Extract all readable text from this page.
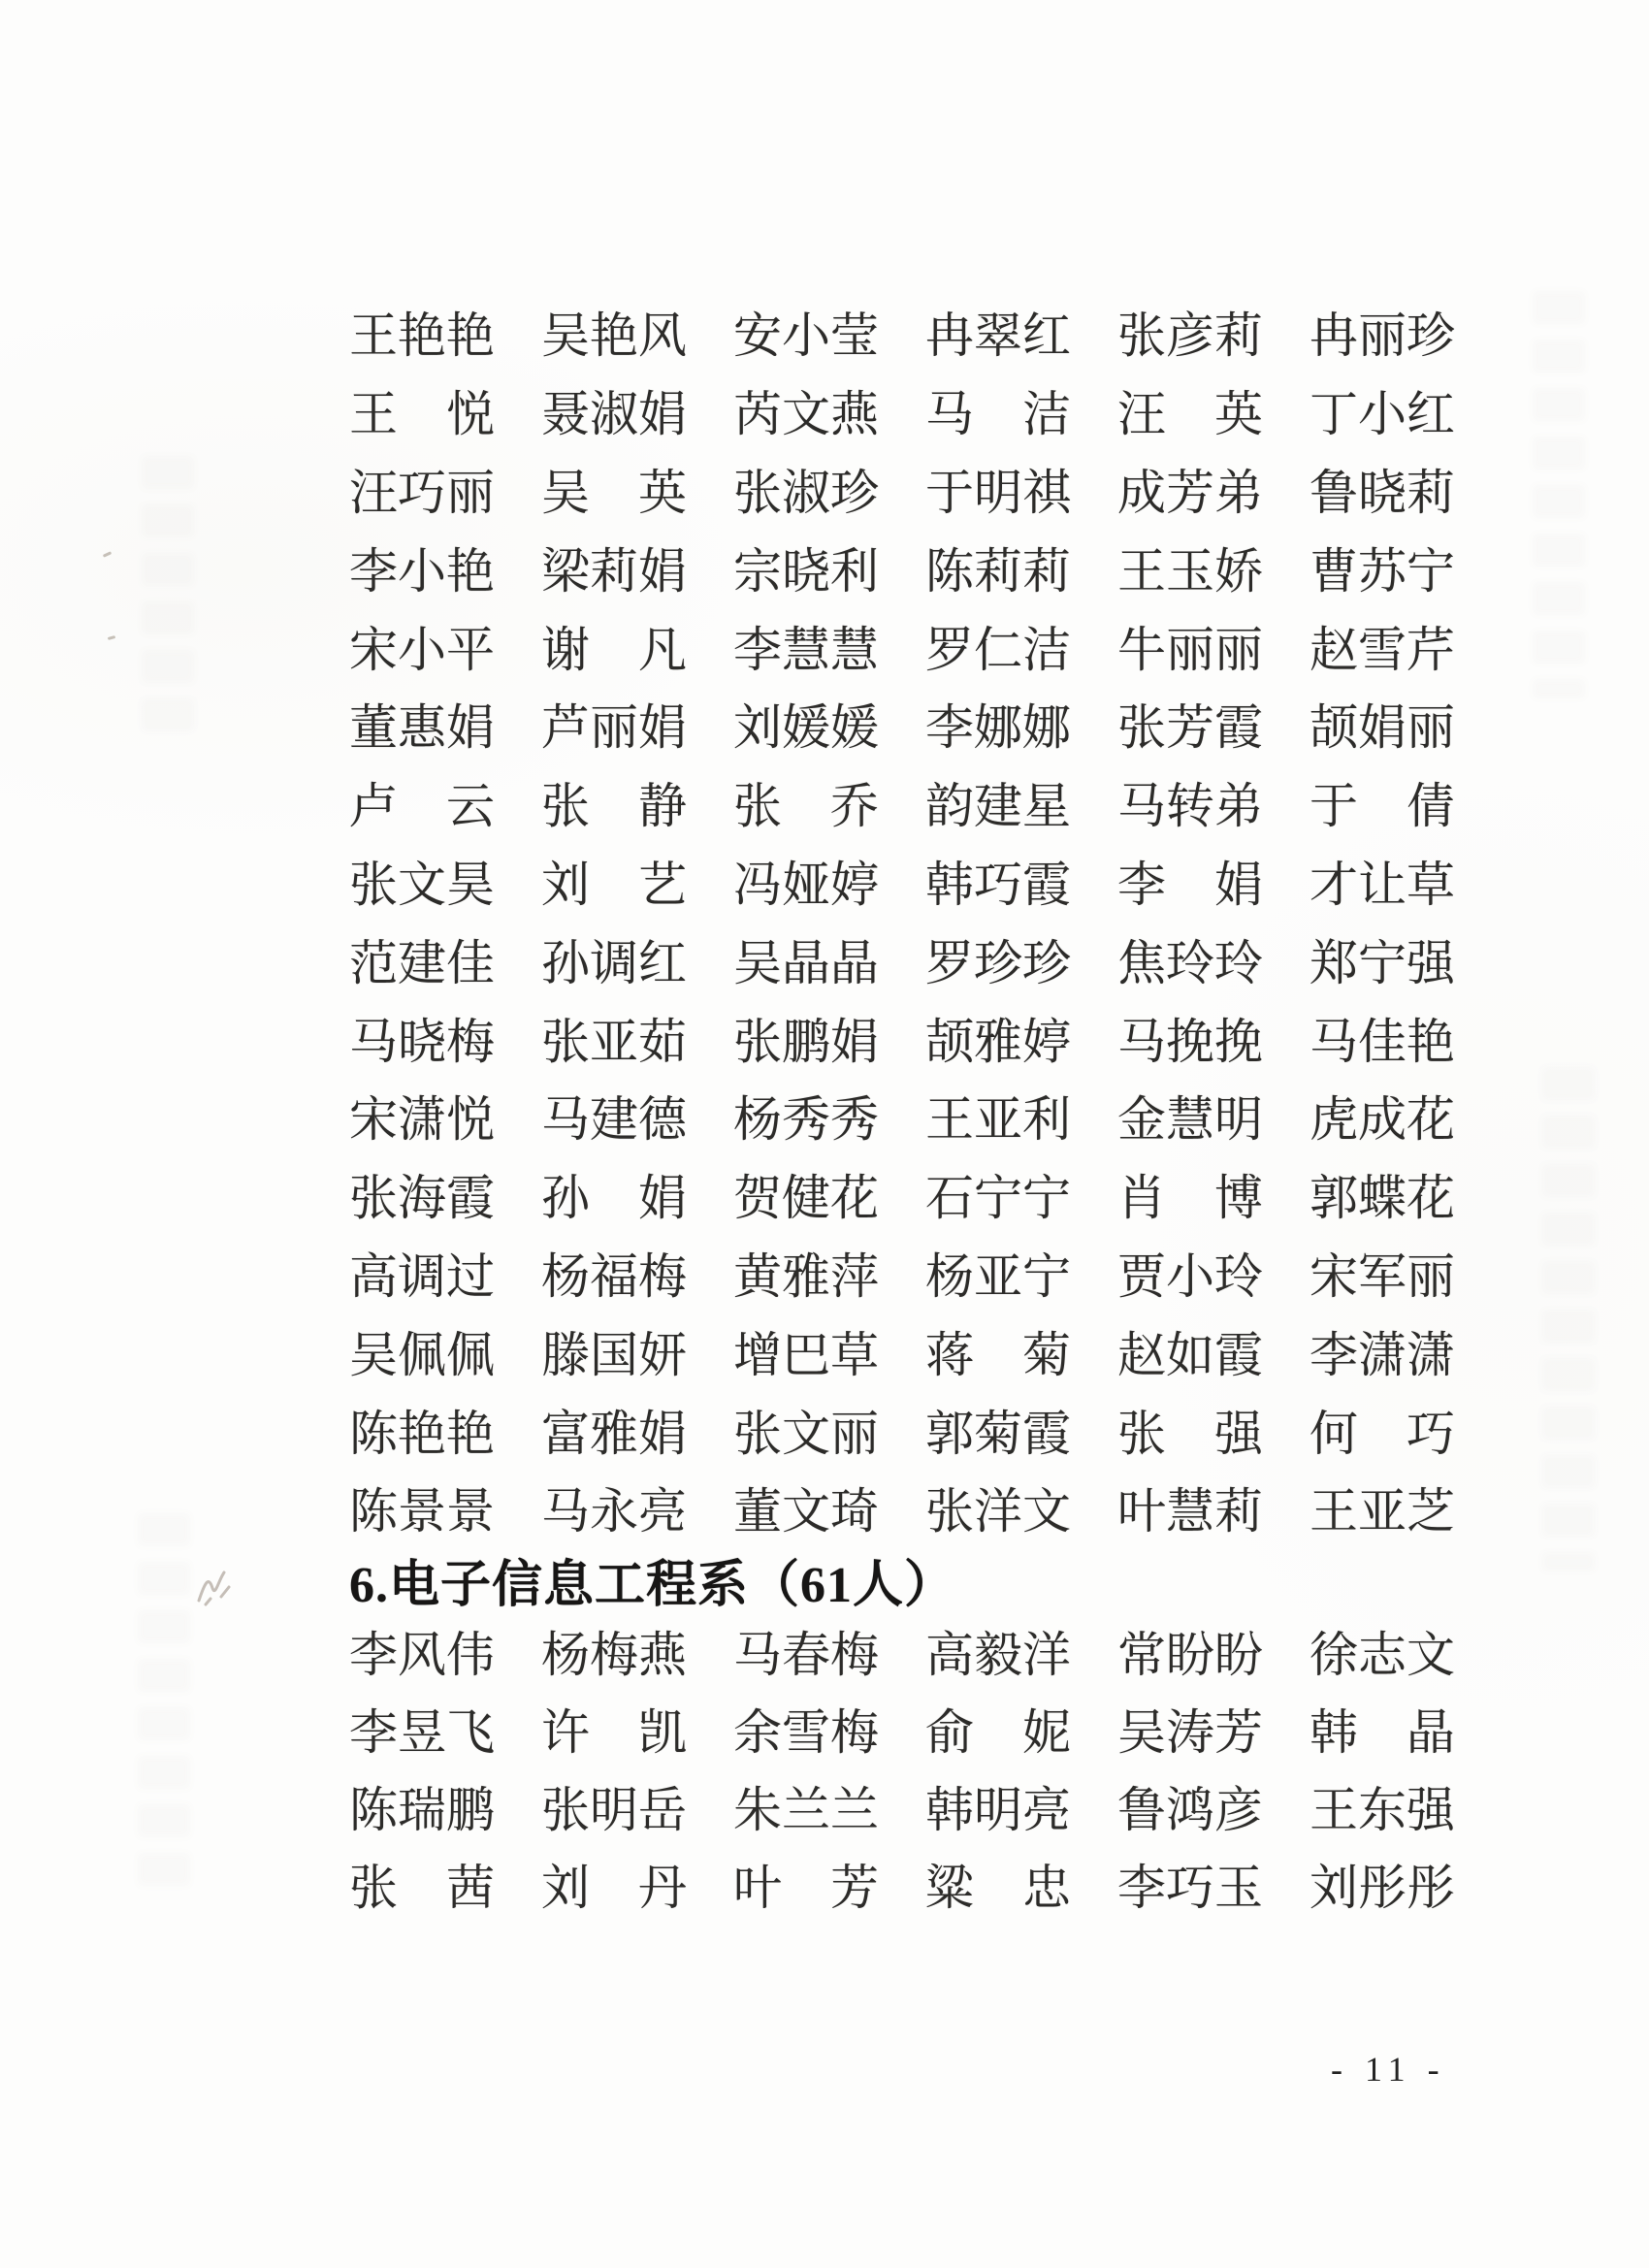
王艳艳 吴艳风 安小莹 冉翠红 张彦莉 冉丽珍
王　悦 聂淑娟 芮文燕 马　洁 汪　英 丁小红
汪巧丽 吴　英 张淑珍 于明祺 成芳弟 鲁晓莉
李小艳 梁莉娟 宗晓利 陈莉莉 王玉娇 曹苏宁
宋小平 谢　凡 李慧慧 罗仁洁 牛丽丽 赵雪芹
董惠娟 芦丽娟 刘媛媛 李娜娜 张芳霞 颉娟丽
卢　云 张　静 张　乔 韵建星 马转弟 于　倩
张文昊 刘　艺 冯娅婷 韩巧霞 李　娟 才让草
范建佳 孙调红 吴晶晶 罗珍珍 焦玲玲 郑宁强
马晓梅 张亚茹 张鹏娟 颉雅婷 马挽挽 马佳艳
宋潇悦 马建德 杨秀秀 王亚利 金慧明 虎成花
张海霞 孙　娟 贺健花 石宁宁 肖　博 郭蝶花
高调过 杨福梅 黄雅萍 杨亚宁 贾小玲 宋军丽
吴佩佩 滕国妍 增巴草 蒋　菊 赵如霞 李潇潇
陈艳艳 富雅娟 张文丽 郭菊霞 张　强 何　巧
陈景景 马永亮 董文琦 张洋文 叶慧莉 王亚芝
6.电子信息工程系（61人）
李风伟 杨梅燕 马春梅 高毅洋 常盼盼 徐志文
李昱飞 许　凯 余雪梅 俞　妮 吴涛芳 韩　晶
陈瑞鹏 张明岳 朱兰兰 韩明亮 鲁鸿彦 王东强
张　茜 刘　丹 叶　芳 粱　忠 李巧玉 刘彤彤
- 11 -
